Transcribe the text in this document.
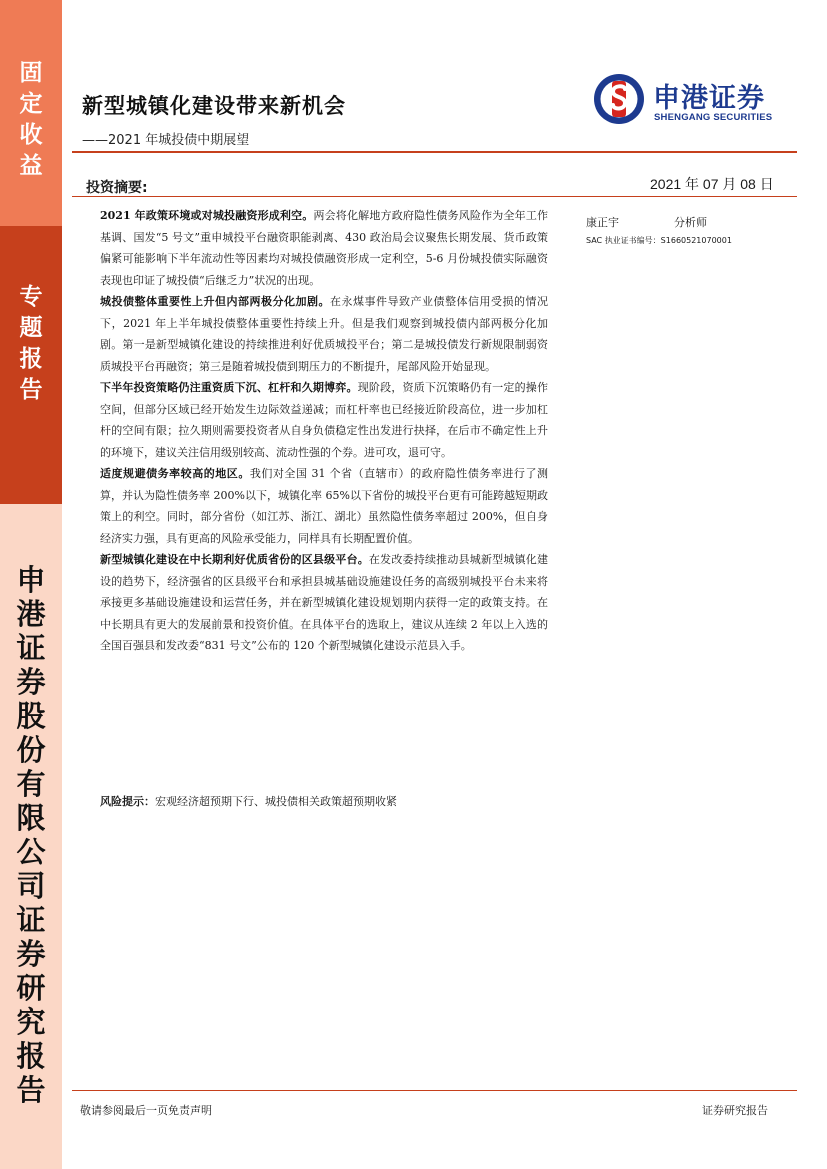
固
定
收
益
专
题
报
告
申
港
证
券
股
份
有
限
公
司
证
券
研
究
报
告
新型城镇化建设带来新机会
——2021 年城投债中期展望
申港证券
SHENGANG SECURITIES
投资摘要:	2021 年 07 月 08 日
康正宇	分析师
SAC 执业证书编号：S1660521070001

2021 年政策环境或对城投融资形成利空。两会将化解地方政府隐性债务风险作为全年工作基调、国发“5 号文”重申城投平台融资职能剥离、430 政治局会议聚焦长期发展、货币政策偏紧可能影响下半年流动性等因素均对城投债融资形成一定利空，5-6 月份城投债实际融资表现也印证了城投债“后继乏力”状况的出现。

城投债整体重要性上升但内部两极分化加剧。在永煤事件导致产业债整体信用受损的情况下，2021 年上半年城投债整体重要性持续上升。但是我们观察到城投债内部两极分化加剧。第一是新型城镇化建设的持续推进利好优质城投平台；第二是城投债发行新规限制弱资质城投平台再融资；第三是随着城投债到期压力的不断提升，尾部风险开始显现。

下半年投资策略仍注重资质下沉、杠杆和久期博弈。现阶段，资质下沉策略仍有一定的操作空间，但部分区域已经开始发生边际效益递减；而杠杆率也已经接近阶段高位，进一步加杠杆的空间有限；拉久期则需要投资者从自身负债稳定性出发进行抉择，在后市不确定性上升的环境下，建议关注信用级别较高、流动性强的个券。进可攻，退可守。

适度规避债务率较高的地区。我们对全国 31 个省（直辖市）的政府隐性债务率进行了测算，并认为隐性债务率 200%以下，城镇化率 65%以下省份的城投平台更有可能跨越短期政策上的利空。同时，部分省份（如江苏、浙江、湖北）虽然隐性债务率超过 200%，但自身经济实力强，具有更高的风险承受能力，同样具有长期配置价值。

新型城镇化建设在中长期利好优质省份的区县级平台。在发改委持续推动县城新型城镇化建设的趋势下，经济强省的区县级平台和承担县城基础设施建设任务的高级别城投平台未来将承接更多基础设施建设和运营任务，并在新型城镇化建设规划期内获得一定的政策支持。在中长期具有更大的发展前景和投资价值。在具体平台的选取上，建议从连续 2 年以上入选的全国百强县和发改委“831 号文”公布的 120 个新型城镇化建设示范县入手。

风险提示：宏观经济超预期下行、城投债相关政策超预期收紧
敬请参阅最后一页免责声明	证券研究报告
